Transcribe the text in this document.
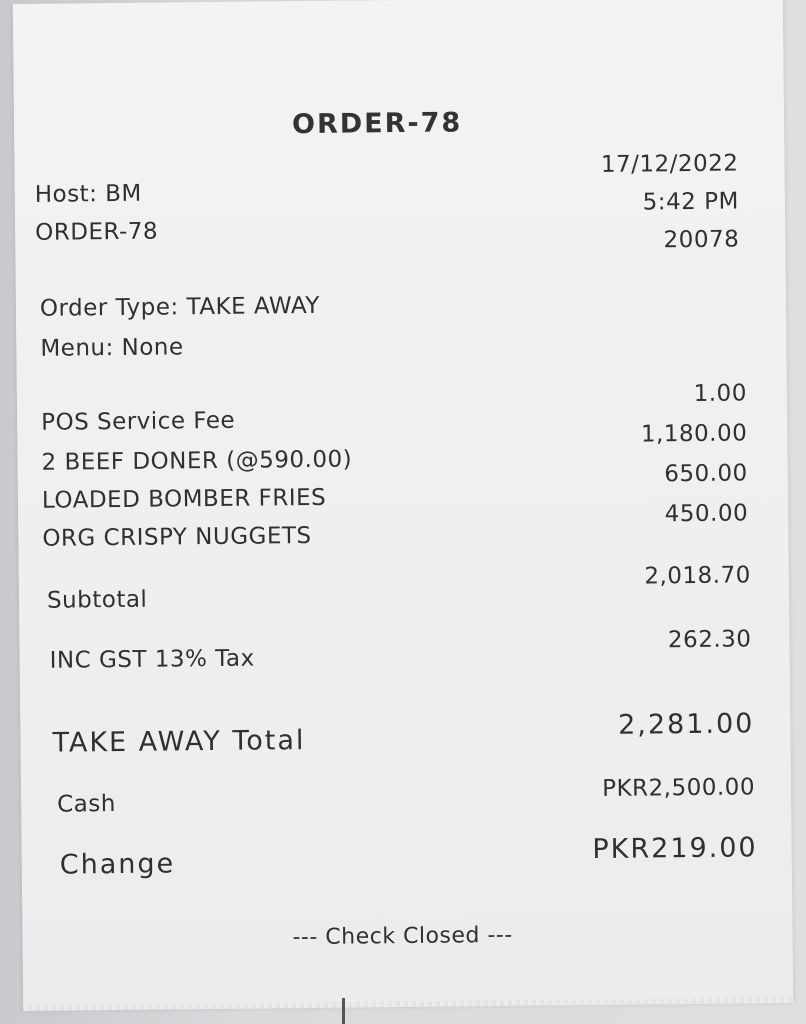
ORDER-78
Host: BM
ORDER-78
17/12/2022
5:42 PM
20078
Order Type: TAKE AWAY
Menu: None
POS Service Fee
2 BEEF DONER (@590.00)
LOADED BOMBER FRIES
ORG CRISPY NUGGETS
1.00
1,180.00
650.00
450.00
Subtotal
2,018.70
INC GST 13% Tax
262.30
TAKE AWAY Total
2,281.00
Cash
PKR2,500.00
Change	PKR219.00
--- Check Closed ---
